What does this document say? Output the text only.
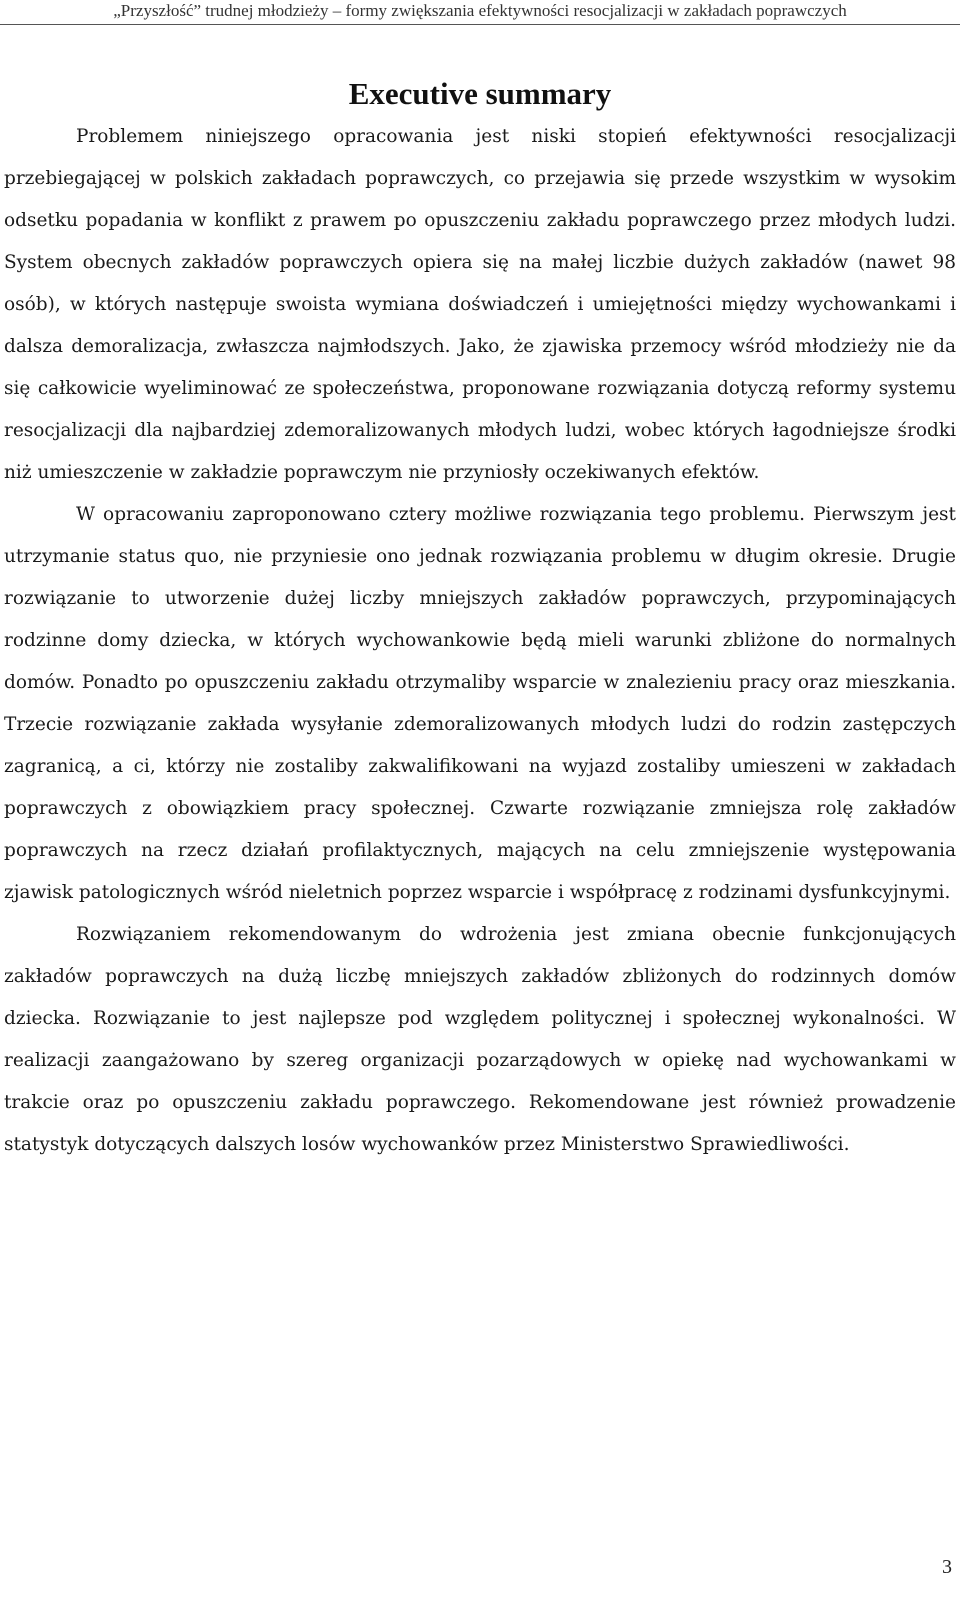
„Przyszłość” trudnej młodzieży – formy zwiększania efektywności resocjalizacji w zakładach poprawczych
Executive summary

Problemem niniejszego opracowania jest niski stopień efektywności resocjalizacji przebiegającej w polskich zakładach poprawczych, co przejawia się przede wszystkim w wysokim odsetku popadania w konflikt z prawem po opuszczeniu zakładu poprawczego przez młodych ludzi. System obecnych zakładów poprawczych opiera się na małej liczbie dużych zakładów (nawet 98 osób), w których następuje swoista wymiana doświadczeń i umiejętności między wychowankami i dalsza demoralizacja, zwłaszcza najmłodszych. Jako, że zjawiska przemocy wśród młodzieży nie da się całkowicie wyeliminować ze społeczeństwa, proponowane rozwiązania dotyczą reformy systemu resocjalizacji dla najbardziej zdemoralizowanych młodych ludzi, wobec których łagodniejsze środki niż umieszczenie w zakładzie poprawczym nie przyniosły oczekiwanych efektów.

W opracowaniu zaproponowano cztery możliwe rozwiązania tego problemu. Pierwszym jest utrzymanie status quo, nie przyniesie ono jednak rozwiązania problemu w długim okresie. Drugie rozwiązanie to utworzenie dużej liczby mniejszych zakładów poprawczych, przypominających rodzinne domy dziecka, w których wychowankowie będą mieli warunki zbliżone do normalnych domów. Ponadto po opuszczeniu zakładu otrzymaliby wsparcie w znalezieniu pracy oraz mieszkania. Trzecie rozwiązanie zakłada wysyłanie zdemoralizowanych młodych ludzi do rodzin zastępczych zagranicą, a ci, którzy nie zostaliby zakwalifikowani na wyjazd zostaliby umieszeni w zakładach poprawczych z obowiązkiem pracy społecznej. Czwarte rozwiązanie zmniejsza rolę zakładów poprawczych na rzecz działań profilaktycznych, mających na celu zmniejszenie występowania zjawisk patologicznych wśród nieletnich poprzez wsparcie i współpracę z rodzinami dysfunkcyjnymi.

Rozwiązaniem rekomendowanym do wdrożenia jest zmiana obecnie funkcjonujących zakładów poprawczych na dużą liczbę mniejszych zakładów zbliżonych do rodzinnych domów dziecka. Rozwiązanie to jest najlepsze pod względem politycznej i społecznej wykonalności. W realizacji zaangażowano by szereg organizacji pozarządowych w opiekę nad wychowankami w trakcie oraz po opuszczeniu zakładu poprawczego. Rekomendowane jest również prowadzenie statystyk dotyczących dalszych losów wychowanków przez Ministerstwo Sprawiedliwości.

3
